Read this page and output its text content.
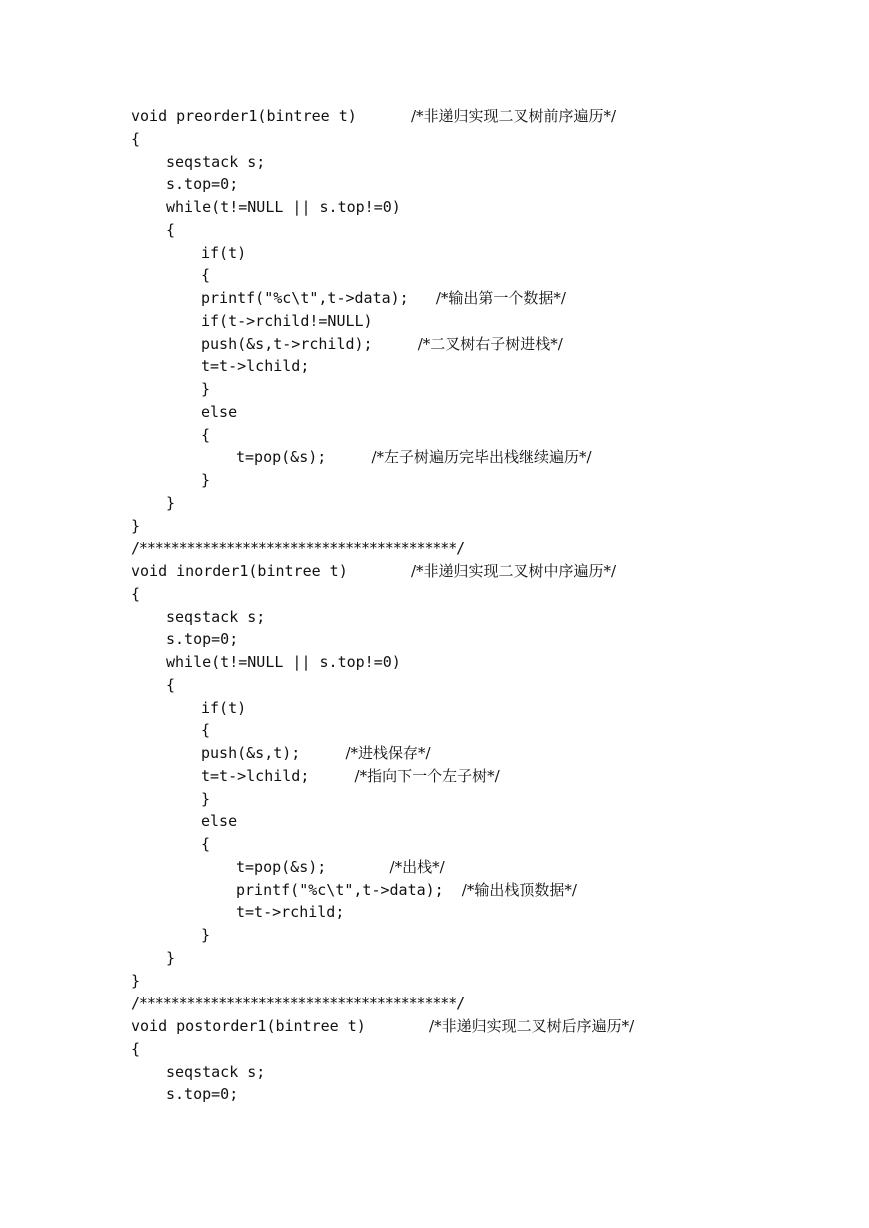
void preorder1(bintree t)	/*非递归实现二叉树前序遍历*/
{
seqstack s;
s.top=0;
while(t!=NULL || s.top!=0)
{
if(t)
{
printf("%c\t",t->data); /*输出第一个数据*/
if(t->rchild!=NULL)
push(&s,t->rchild);	/*二叉树右子树进栈*/
t=t->lchild;
}
else
{
t=pop(&s);	/*左子树遍历完毕出栈继续遍历*/
}
}
}
/****************************************/
void inorder1(bintree t)	/*非递归实现二叉树中序遍历*/
{
seqstack s;
s.top=0;
while(t!=NULL || s.top!=0)
{
if(t)
{
push(&s,t);	/*进栈保存*/
t=t->lchild;	/*指向下一个左子树*/
}
else
{
t=pop(&s);	/*出栈*/
printf("%c\t",t->data); /*输出栈顶数据*/
t=t->rchild;
}
}
}
/****************************************/
void postorder1(bintree t)	/*非递归实现二叉树后序遍历*/
{
seqstack s;
s.top=0;
